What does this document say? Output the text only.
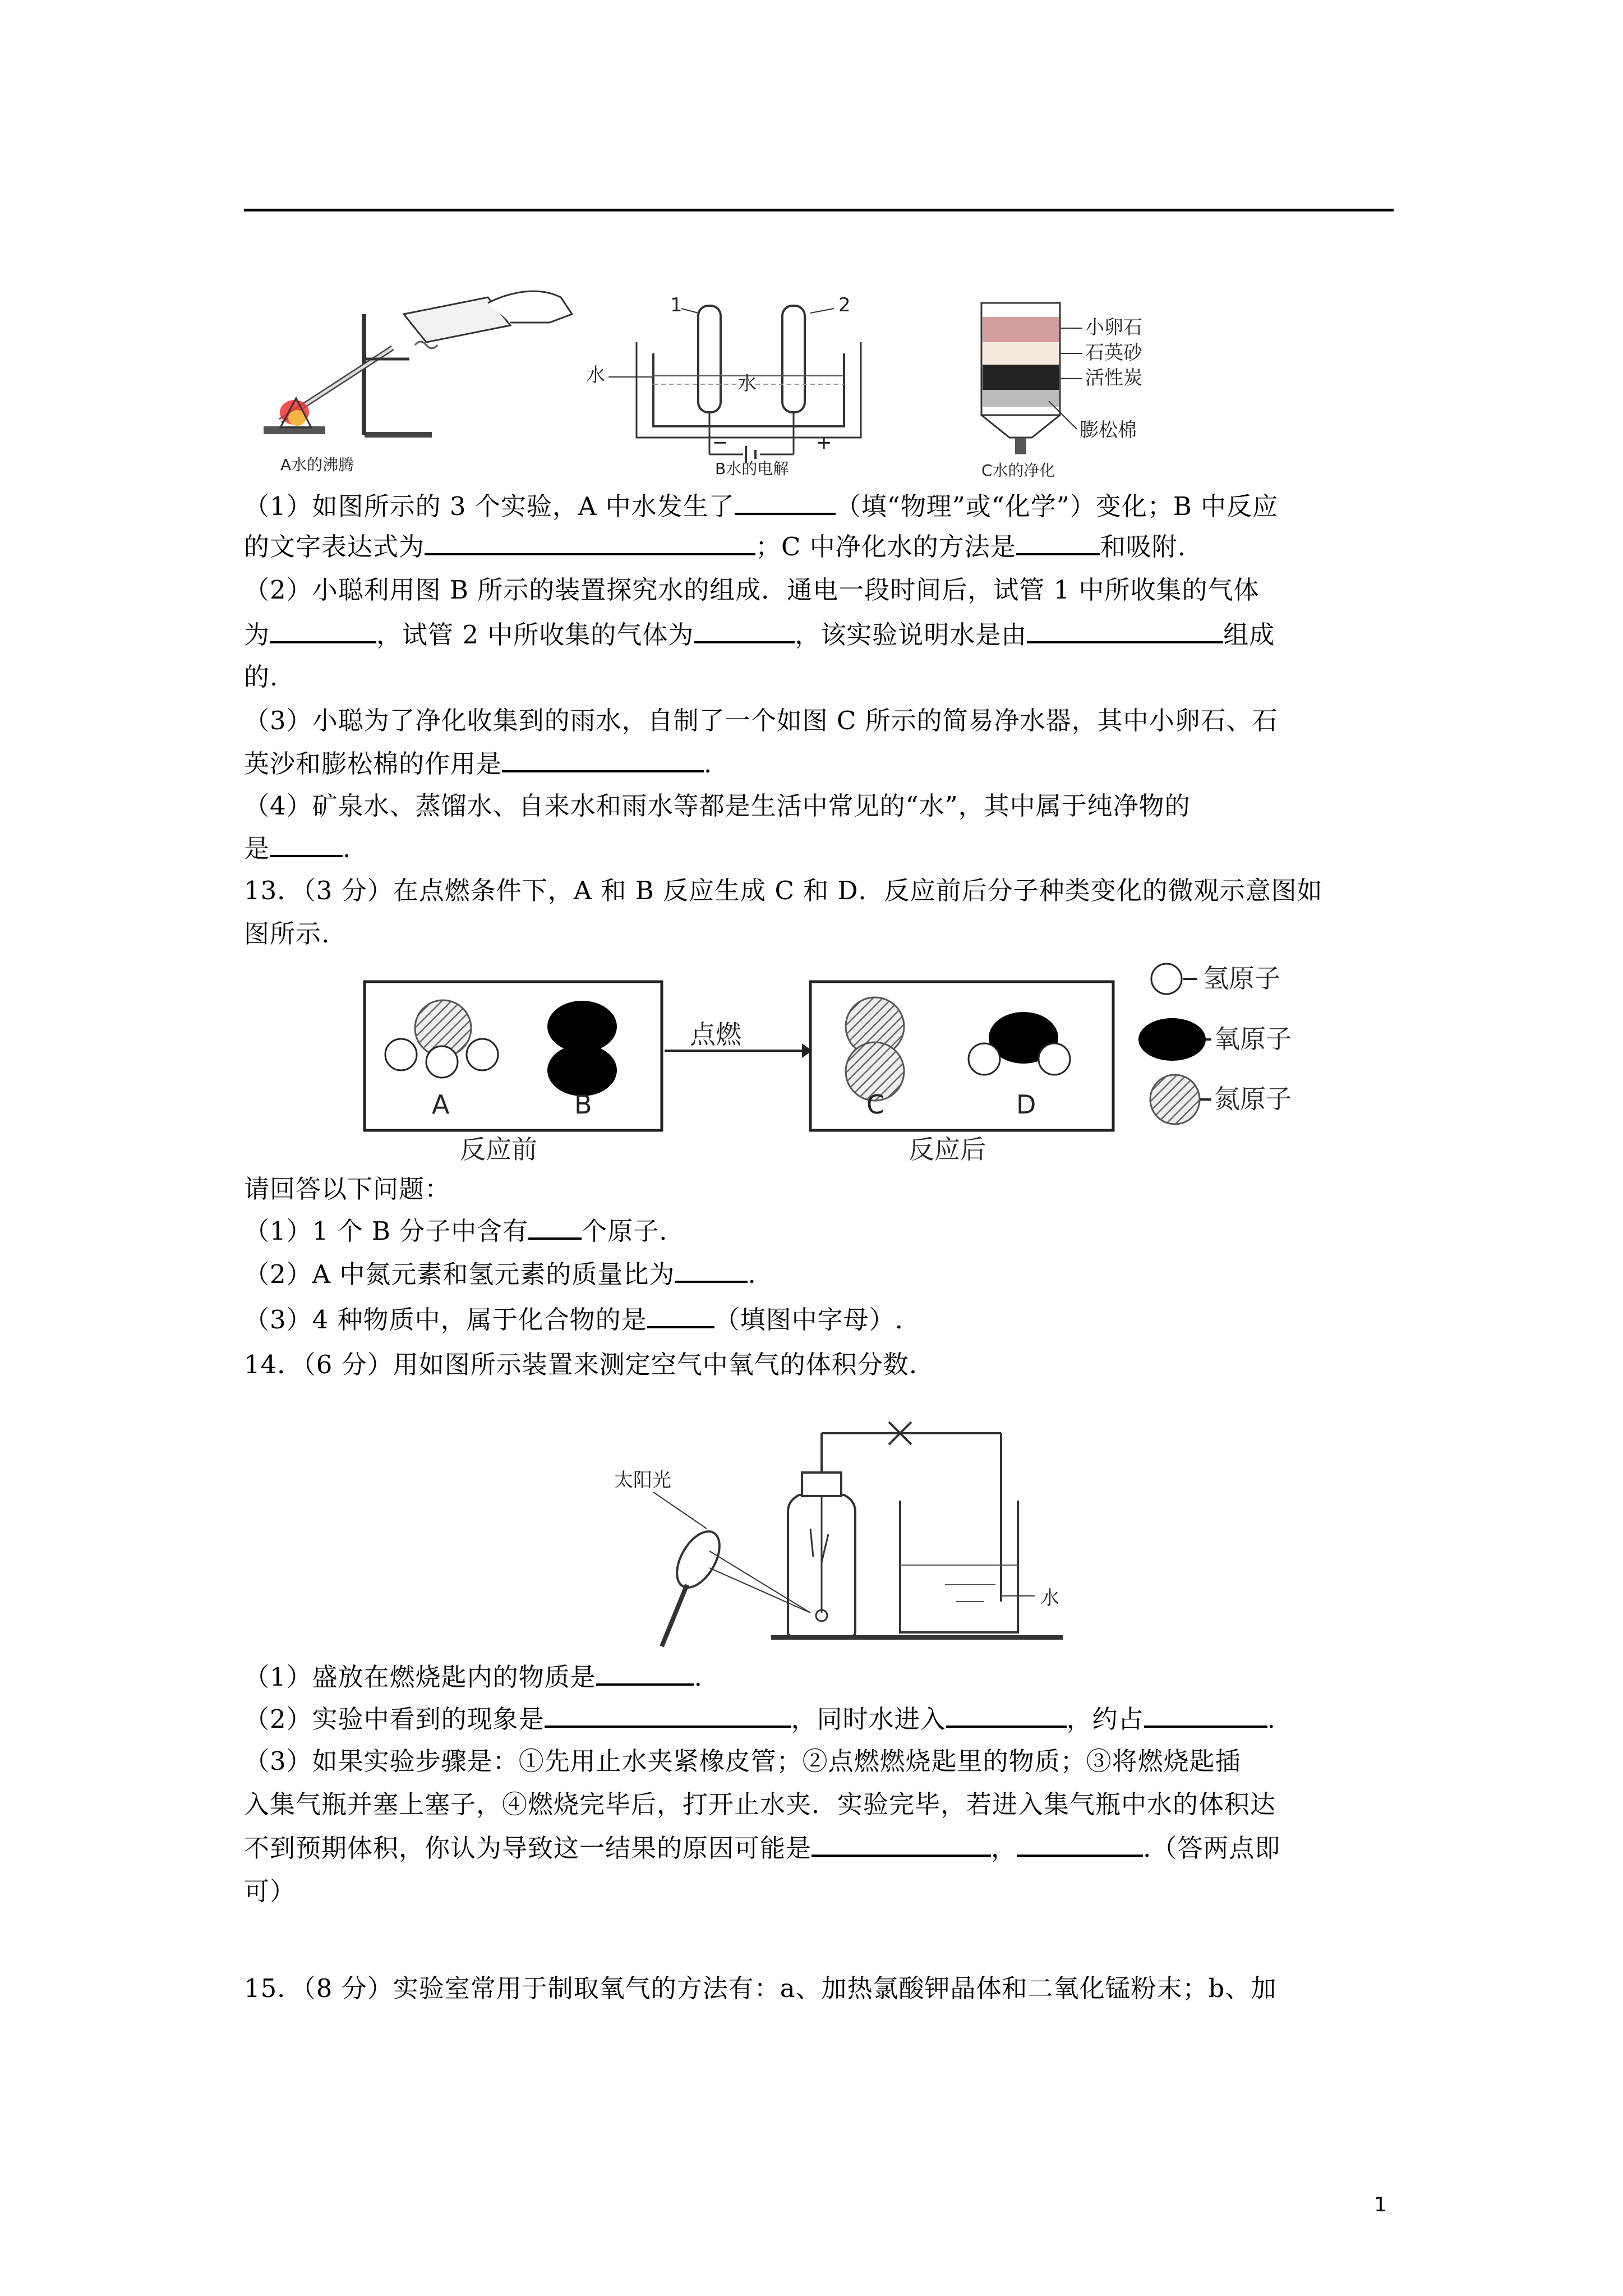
A水的沸腾
1	2
水	水
−	+
B水的电解
小卵石
石英砂
活性炭
膨松棉
C水的净化
（1）如图所示的 3 个实验，A 中水发生了	（填“物理”或“化学”）变化；B 中反应
的文字表达式为	；C 中净化水的方法是	和吸附.
（2）小聪利用图 B 所示的装置探究水的组成．通电一段时间后，试管 1 中所收集的气体
为	，试管 2 中所收集的气体为	，该实验说明水是由	组成
的.
（3）小聪为了净化收集到的雨水，自制了一个如图 C 所示的简易净水器，其中小卵石、石
英沙和膨松棉的作用是	.
（4）矿泉水、蒸馏水、自来水和雨水等都是生活中常见的“水”，其中属于纯净物的
是	.
13．（3 分）在点燃条件下，A 和 B 反应生成 C 和 D．反应前后分子种类变化的微观示意图如
图所示.
点燃
A	B	C	D
反应前	反应后
氢原子
氧原子
氮原子
请回答以下问题：
（1）1 个 B 分子中含有 个原子.
（2）A 中氮元素和氢元素的质量比为	.
（3）4 种物质中，属于化合物的是	（填图中字母）.
14．（6 分）用如图所示装置来测定空气中氧气的体积分数.
太阳光
水
（1）盛放在燃烧匙内的物质是	.
（2）实验中看到的现象是	，同时水进入	，约占	.
（3）如果实验步骤是：①先用止水夹紧橡皮管；②点燃燃烧匙里的物质；③将燃烧匙插
入集气瓶并塞上塞子，④燃烧完毕后，打开止水夹．实验完毕，若进入集气瓶中水的体积达
不到预期体积，你认为导致这一结果的原因可能是	，	.（答两点即
可）
15．（8 分）实验室常用于制取氧气的方法有：a、加热氯酸钾晶体和二氧化锰粉末；b、加
1
